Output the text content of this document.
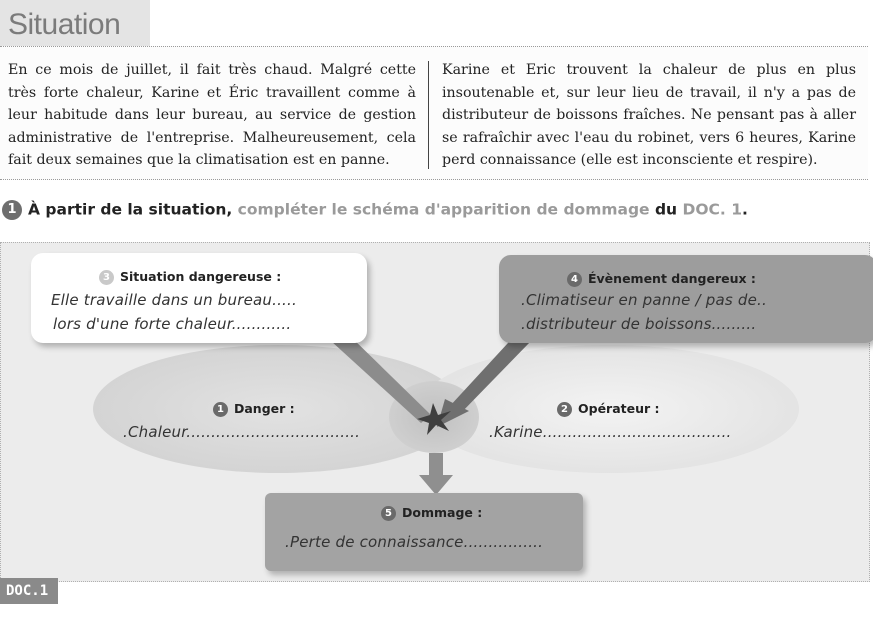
Situation
En ce mois de juillet, il fait très chaud. Malgré cette très forte chaleur, Karine et Éric travaillent comme à leur habitude dans leur bureau, au service de gestion administrative de l'entreprise. Malheureusement, cela fait deux semaines que la climatisation est en panne.
Karine et Eric trouvent la chaleur de plus en plus insoutenable et, sur leur lieu de travail, il n'y a pas de distributeur de boissons fraîches. Ne pensant pas à aller se rafraîchir avec l'eau du robinet, vers 6 heures, Karine perd connaissance (elle est inconsciente et respire).
1 À partir de la situation, compléter le schéma d'apparition de dommage du DOC. 1.
3 Situation dangereuse :
Elle travaille dans un bureau.....
lors d'une forte chaleur............
4 Évènement dangereux :
.Climatiseur en panne / pas de..
.distributeur de boissons.........
1 Danger :
.Chaleur...................................
2 Opérateur :
.Karine......................................
5 Dommage :
.Perte de connaissance................
DOC.1
